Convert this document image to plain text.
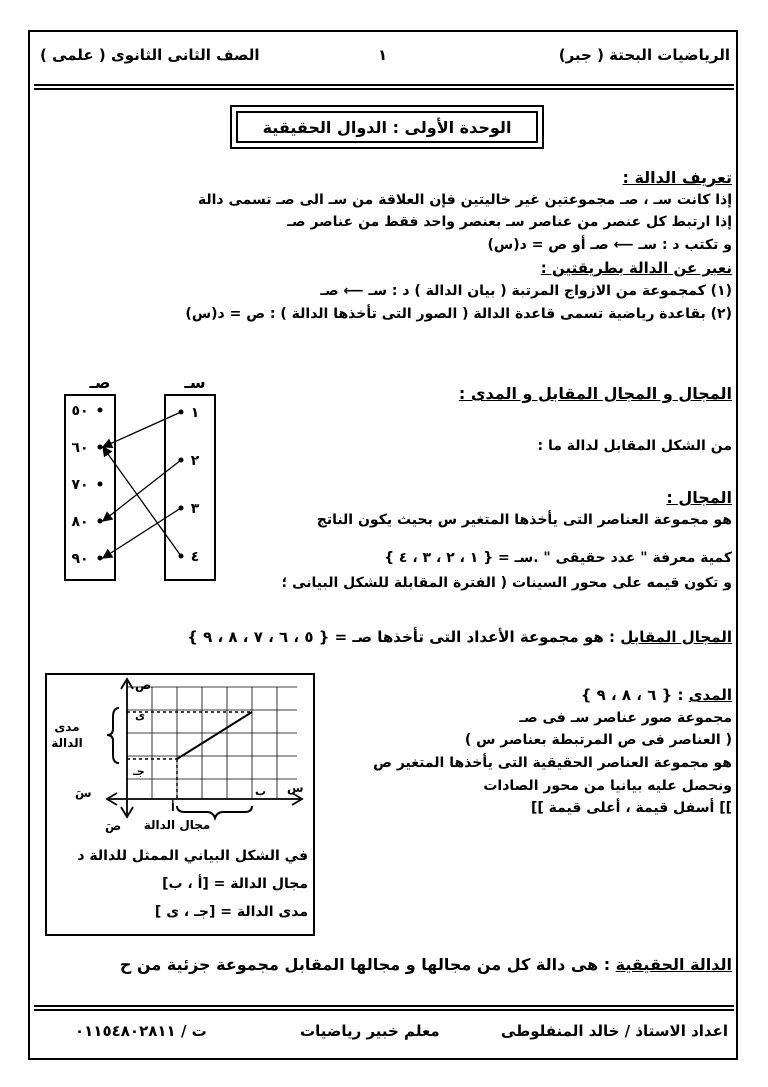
الرياضيات البحتة ( جبر)
١
الصف الثانى الثانوى ( علمى )
الوحدة الأولى : الدوال الحقيقية
تعريف الدالة :
إذا كانت سـ ، صـ مجموعتين غير خاليتين فإن العلاقة من سـ الى صـ تسمى دالة
إذا ارتبط كل عنصر من عناصر سـ بعنصر واحد فقط من عناصر صـ
و تكتب د : سـ ⟵ صـ أو ص = د(س)
نعبر عن الدالة بطريقتين :
(١) كمجموعة من الازواج المرتبة ( بيان الدالة ) د : سـ ⟵ صـ
(٢) بقاعدة رياضية تسمى قاعدة الدالة ( الصور التى تأخذها الدالة ) : ص = د(س)
المجال و المجال المقابل و المدى :
من الشكل المقابل لدالة ما :
المجال :
هو مجموعة العناصر التى يأخذها المتغير س بحيث يكون الناتج
كمية معرفة " عدد حقيقى " .سـ = { ١ ، ٢ ، ٣ ، ٤ }
و تكون قيمه على محور السينات ( الفترة المقابلة للشكل البيانى ؛
المجال المقابل : هو مجموعة الأعداد التى تأخذها صـ = { ٥ ، ٦ ، ٧ ، ٨ ، ٩ }
المدى : { ٦ ، ٨ ، ٩ }
مجموعة صور عناصر سـ فى صـ
( العناصر فى ص المرتبطة بعناصر س )
هو مجموعة العناصر الحقيقية التى يأخذها المتغير ص
ونحصل عليه بيانيا من محور الصادات
]] أسفل قيمة ، أعلى قيمة ]]
صـ	سـ
٥٠
٦٠
٧٠
٨٠
٩٠
١
٢
٣
٤
ص
ى
جـ
أ
ب س
سَ
صَ
مدى
الدالة
مجال الدالة
في الشكل البياني الممثل للدالة د
مجال الدالة = [أ ، ب]
مدى الدالة = [جـ ، ى ]
الدالة الحقيقية : هى دالة كل من مجالها و مجالها المقابل مجموعة جزئية من ح
اعداد الاستاذ / خالد المنفلوطى
معلم خبير رياضيات
ت / ٠١١٥٤٨٠٢٨١١
